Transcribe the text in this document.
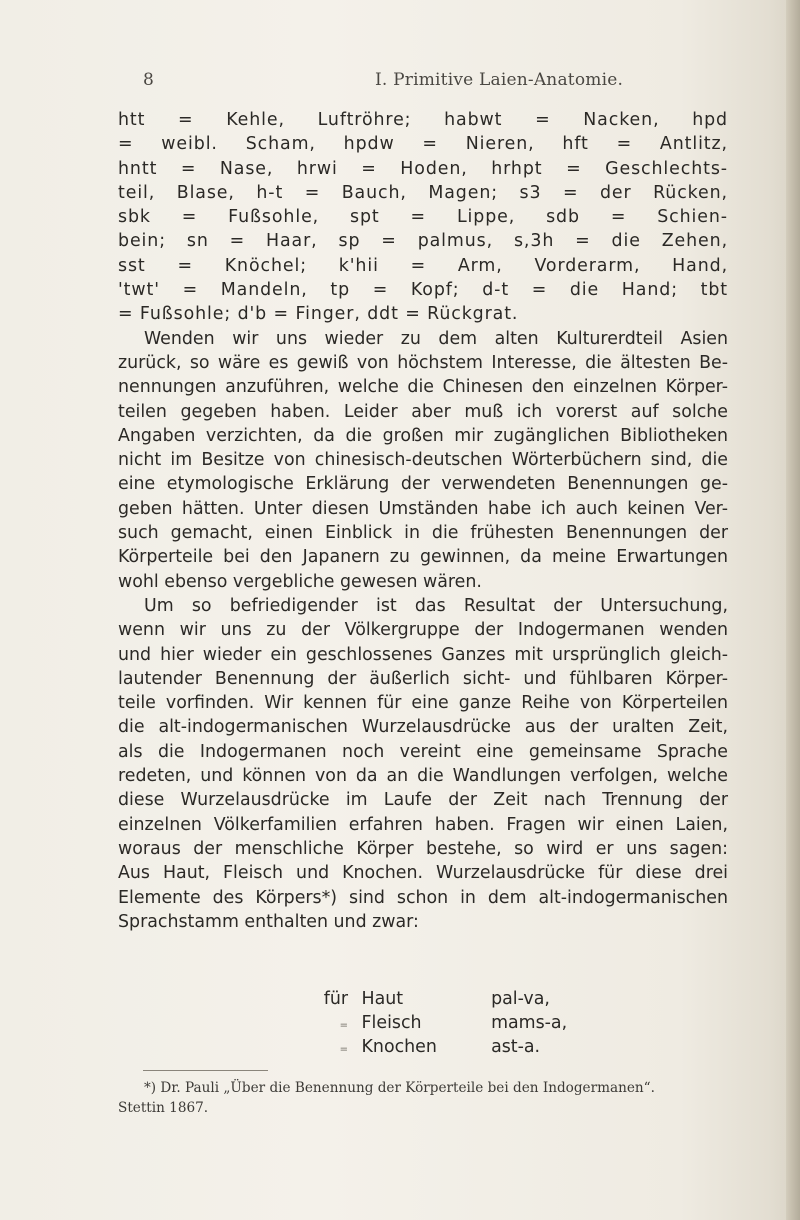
8	I. Primitive Laien-Anatomie.
htt = Kehle, Luftröhre; habwt = Nacken, hpd
= weibl. Scham, hpdw = Nieren, hft = Antlitz,
hntt = Nase, hrwi = Hoden, hrhpt = Geschlechts-
teil, Blase, h-t = Bauch, Magen; s3 = der Rücken,
sbk = Fußsohle, spt = Lippe, sdb = Schien-
bein; sn = Haar, sp = palmus, s,3h = die Zehen,
sst = Knöchel; k'hii = Arm, Vorderarm, Hand,
'twt' = Mandeln, tp = Kopf; d-t = die Hand; tbt
= Fußsohle; d'b = Finger, ddt = Rückgrat.
Wenden wir uns wieder zu dem alten Kulturerdteil Asien
zurück, so wäre es gewiß von höchstem Interesse, die ältesten Be-
nennungen anzuführen, welche die Chinesen den einzelnen Körper-
teilen gegeben haben. Leider aber muß ich vorerst auf solche
Angaben verzichten, da die großen mir zugänglichen Bibliotheken
nicht im Besitze von chinesisch-deutschen Wörterbüchern sind, die
eine etymologische Erklärung der verwendeten Benennungen ge-
geben hätten. Unter diesen Umständen habe ich auch keinen Ver-
such gemacht, einen Einblick in die frühesten Benennungen der
Körperteile bei den Japanern zu gewinnen, da meine Erwartungen
wohl ebenso vergebliche gewesen wären.
Um so befriedigender ist das Resultat der Untersuchung,
wenn wir uns zu der Völkergruppe der Indogermanen wenden
und hier wieder ein geschlossenes Ganzes mit ursprünglich gleich-
lautender Benennung der äußerlich sicht- und fühlbaren Körper-
teile vorfinden. Wir kennen für eine ganze Reihe von Körperteilen
die alt-indogermanischen Wurzelausdrücke aus der uralten Zeit,
als die Indogermanen noch vereint eine gemeinsame Sprache
redeten, und können von da an die Wandlungen verfolgen, welche
diese Wurzelausdrücke im Laufe der Zeit nach Trennung der
einzelnen Völkerfamilien erfahren haben. Fragen wir einen Laien,
woraus der menschliche Körper bestehe, so wird er uns sagen:
Aus Haut, Fleisch und Knochen. Wurzelausdrücke für diese drei
Elemente des Körpers*) sind schon in dem alt-indogermanischen
Sprachstamm enthalten und zwar:
für Haut	pal-va,
= Fleisch	mams-a,
= Knochen	ast-a.
*) Dr. Pauli „Über die Benennung der Körperteile bei den Indogermanen“.
Stettin 1867.
